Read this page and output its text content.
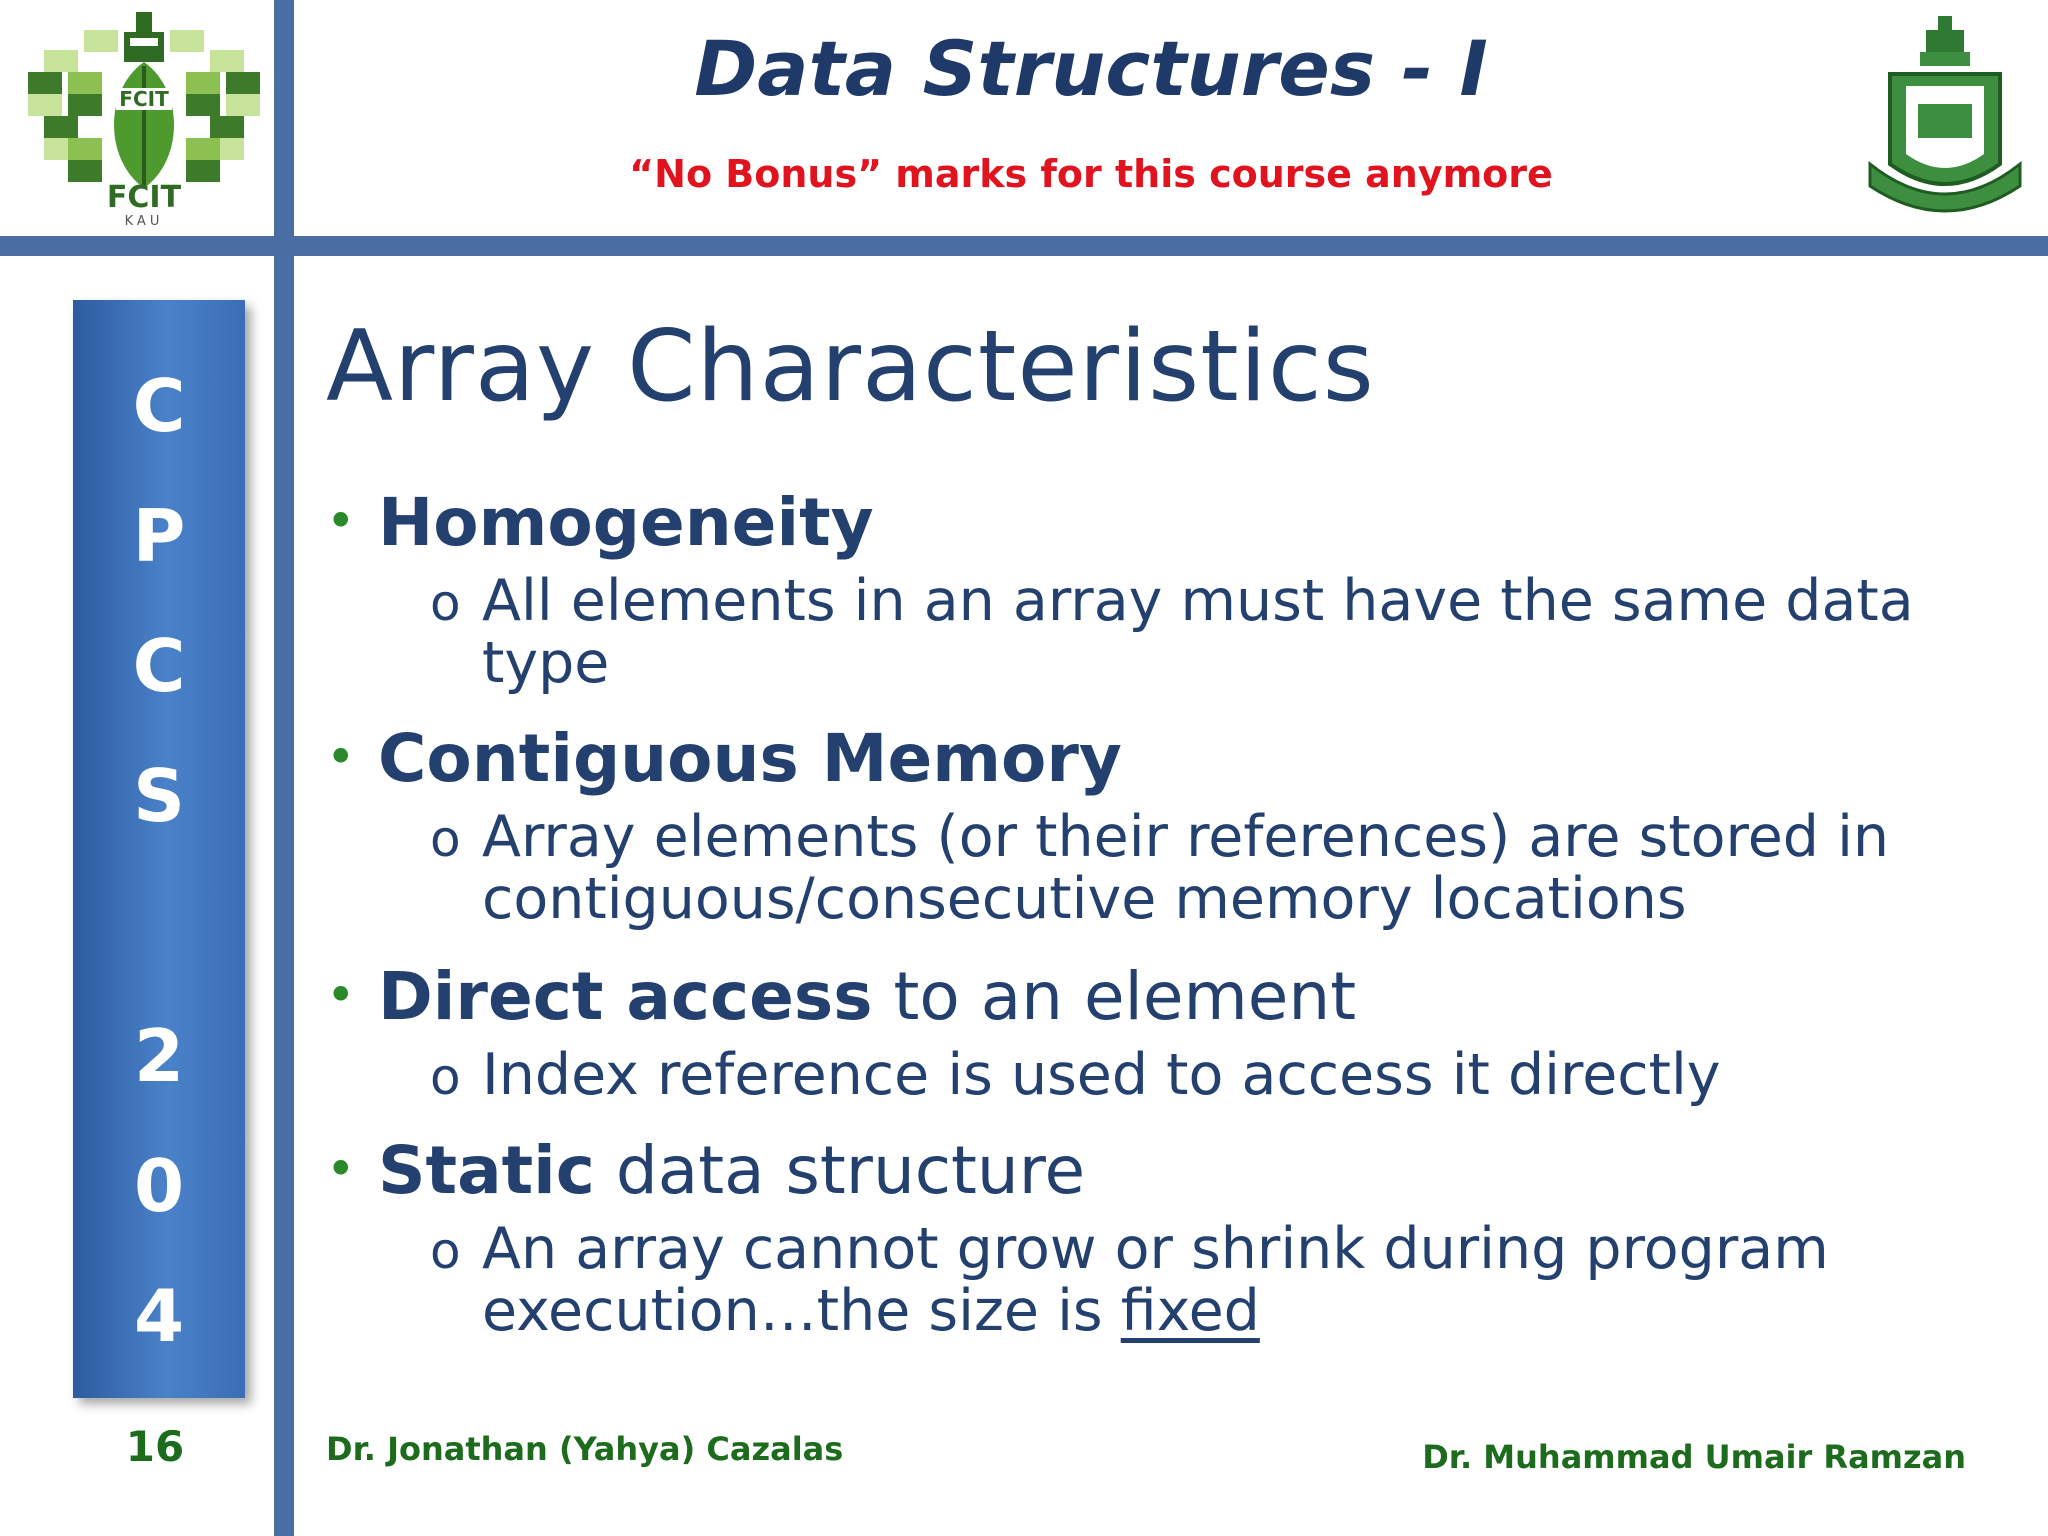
FCIT
FCIT
KAU
Data Structures - I
“No Bonus” marks for this course anymore
C
P
C
S
2
0
4
16
Array Characteristics
• Homogeneity
o All elements in an array must have the same data type
• Contiguous Memory
o Array elements (or their references) are stored in contiguous/consecutive memory locations
• Direct access to an element
o Index reference is used to access it directly
• Static data structure
o An array cannot grow or shrink during program execution…the size is fixed
Dr. Jonathan (Yahya) Cazalas	Dr. Muhammad Umair Ramzan
